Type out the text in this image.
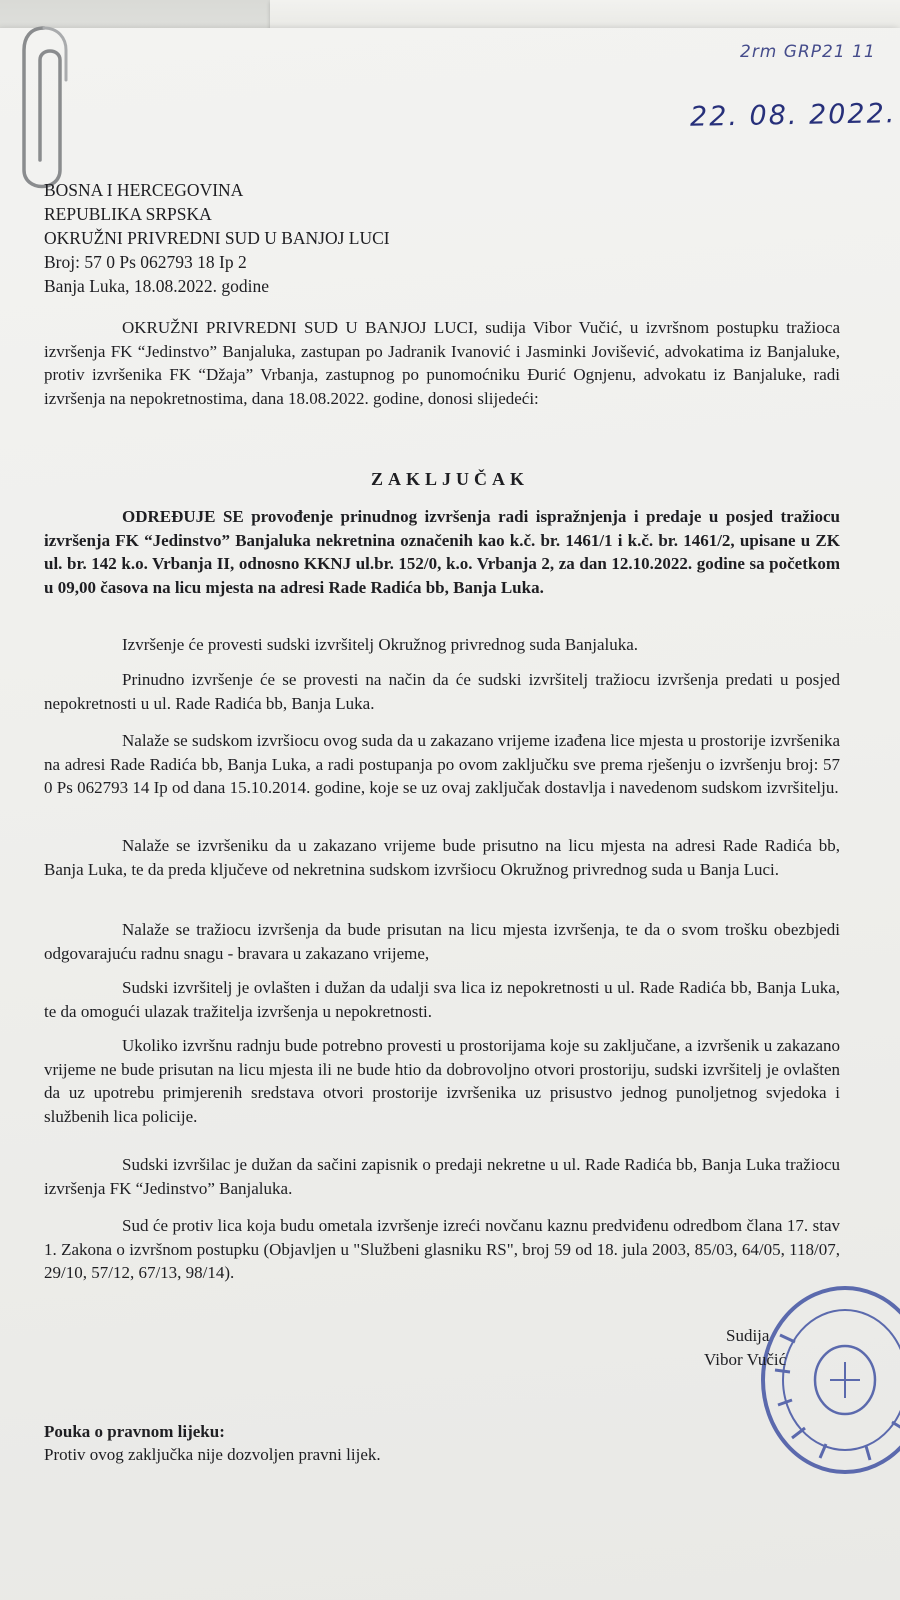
2rm GRP21 11
22. 08. 2022.
BOSNA I HERCEGOVINA
REPUBLIKA SRPSKA
OKRUŽNI PRIVREDNI SUD U BANJOJ LUCI
Broj: 57 0 Ps 062793 18 Ip 2
Banja Luka, 18.08.2022. godine
OKRUŽNI PRIVREDNI SUD U BANJOJ LUCI, sudija Vibor Vučić, u izvršnom postupku tražioca izvršenja FK “Jedinstvo” Banjaluka, zastupan po Jadranik Ivanović i Jasminki Jovišević, advokatima iz Banjaluke, protiv izvršenika FK “Džaja” Vrbanja, zastupnog po punomoćniku Đurić Ognjenu, advokatu iz Banjaluke, radi izvršenja na nepokretnostima, dana 18.08.2022. godine, donosi slijedeći:
ZAKLJUČAK
ODREĐUJE SE provođenje prinudnog izvršenja radi ispražnjenja i predaje u posjed tražiocu izvršenja FK “Jedinstvo” Banjaluka nekretnina označenih kao k.č. br. 1461/1 i k.č. br. 1461/2, upisane u ZK ul. br. 142 k.o. Vrbanja II, odnosno KKNJ ul.br. 152/0, k.o. Vrbanja 2, za dan 12.10.2022. godine sa početkom u 09,00 časova na licu mjesta na adresi Rade Radića bb, Banja Luka.
Izvršenje će provesti sudski izvršitelj Okružnog privrednog suda Banjaluka.
Prinudno izvršenje će se provesti na način da će sudski izvršitelj tražiocu izvršenja predati u posjed nepokretnosti u ul. Rade Radića bb, Banja Luka.
Nalaže se sudskom izvršiocu ovog suda da u zakazano vrijeme izađena lice mjesta u prostorije izvršenika na adresi Rade Radića bb, Banja Luka, a radi postupanja po ovom zaključku sve prema rješenju o izvršenju broj: 57 0 Ps 062793 14 Ip od dana 15.10.2014. godine, koje se uz ovaj zaključak dostavlja i navedenom sudskom izvršitelju.
Nalaže se izvršeniku da u zakazano vrijeme bude prisutno na licu mjesta na adresi Rade Radića bb, Banja Luka, te da preda ključeve od nekretnina sudskom izvršiocu Okružnog privrednog suda u Banja Luci.
Nalaže se tražiocu izvršenja da bude prisutan na licu mjesta izvršenja, te da o svom trošku obezbjedi odgovarajuću radnu snagu - bravara u zakazano vrijeme,
Sudski izvršitelj je ovlašten i dužan da udalji sva lica iz nepokretnosti u ul. Rade Radića bb, Banja Luka, te da omogući ulazak tražitelja izvršenja u nepokretnosti.
Ukoliko izvršnu radnju bude potrebno provesti u prostorijama koje su zaključane, a izvršenik u zakazano vrijeme ne bude prisutan na licu mjesta ili ne bude htio da dobrovoljno otvori prostoriju, sudski izvršitelj je ovlašten da uz upotrebu primjerenih sredstava otvori prostorije izvršenika uz prisustvo jednog punoljetnog svjedoka i službenih lica policije.
Sudski izvršilac je dužan da sačini zapisnik o predaji nekretne u ul. Rade Radića bb, Banja Luka tražiocu izvršenja FK “Jedinstvo” Banjaluka.
Sud će protiv lica koja budu ometala izvršenje izreći novčanu kaznu predviđenu odredbom člana 17. stav 1. Zakona o izvršnom postupku (Objavljen u "Službeni glasniku RS", broj 59 od 18. jula 2003, 85/03, 64/05, 118/07, 29/10, 57/12, 67/13, 98/14).
Sudija
Vibor Vučić
Pouka o pravnom lijeku:
Protiv ovog zaključka nije dozvoljen pravni lijek.
